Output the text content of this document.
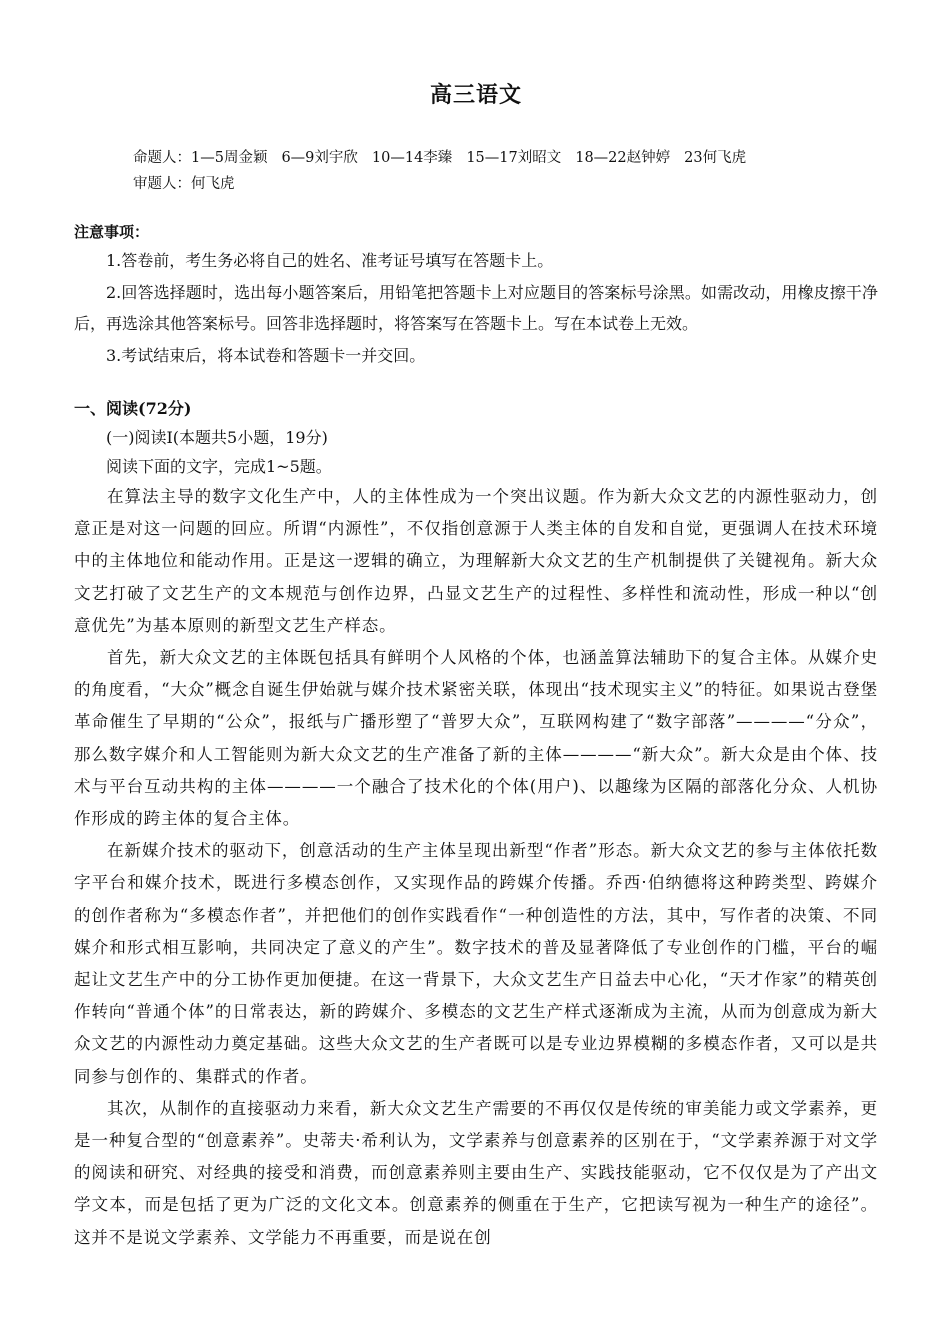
高三语文
命题人：1—5周金颖 6—9刘宇欣 10—14李臻 15—17刘昭文 18—22赵钟婷 23何飞虎
审题人：何飞虎
注意事项：

1.答卷前，考生务必将自己的姓名、准考证号填写在答题卡上。

2.回答选择题时，选出每小题答案后，用铅笔把答题卡上对应题目的答案标号涂黑。如需改动，用橡皮擦干净后，再选涂其他答案标号。回答非选择题时，将答案写在答题卡上。写在本试卷上无效。

3.考试结束后，将本试卷和答题卡一并交回。

一、阅读(72分)

(一)阅读Ⅰ(本题共5小题，19分)

阅读下面的文字，完成1~5题。

在算法主导的数字文化生产中，人的主体性成为一个突出议题。作为新大众文艺的内源性驱动力，创意正是对这一问题的回应。所谓“内源性”，不仅指创意源于人类主体的自发和自觉，更强调人在技术环境中的主体地位和能动作用。正是这一逻辑的确立，为理解新大众文艺的生产机制提供了关键视角。新大众文艺打破了文艺生产的文本规范与创作边界，凸显文艺生产的过程性、多样性和流动性，形成一种以“创意优先”为基本原则的新型文艺生产样态。

首先，新大众文艺的主体既包括具有鲜明个人风格的个体，也涵盖算法辅助下的复合主体。从媒介史的角度看，“大众”概念自诞生伊始就与媒介技术紧密关联，体现出“技术现实主义”的特征。如果说古登堡革命催生了早期的“公众”，报纸与广播形塑了“普罗大众”，互联网构建了“数字部落”————“分众”，那么数字媒介和人工智能则为新大众文艺的生产准备了新的主体————“新大众”。新大众是由个体、技术与平台互动共构的主体————一个融合了技术化的个体(用户)、以趣缘为区隔的部落化分众、人机协作形成的跨主体的复合主体。

在新媒介技术的驱动下，创意活动的生产主体呈现出新型“作者”形态。新大众文艺的参与主体依托数字平台和媒介技术，既进行多模态创作，又实现作品的跨媒介传播。乔西·伯纳德将这种跨类型、跨媒介的创作者称为“多模态作者”，并把他们的创作实践看作“一种创造性的方法，其中，写作者的决策、不同媒介和形式相互影响，共同决定了意义的产生”。数字技术的普及显著降低了专业创作的门槛，平台的崛起让文艺生产中的分工协作更加便捷。在这一背景下，大众文艺生产日益去中心化，“天才作家”的精英创作转向“普通个体”的日常表达，新的跨媒介、多模态的文艺生产样式逐渐成为主流，从而为创意成为新大众文艺的内源性动力奠定基础。这些大众文艺的生产者既可以是专业边界模糊的多模态作者，又可以是共同参与创作的、集群式的作者。

其次，从制作的直接驱动力来看，新大众文艺生产需要的不再仅仅是传统的审美能力或文学素养，更是一种复合型的“创意素养”。史蒂夫·希利认为，文学素养与创意素养的区别在于，“文学素养源于对文学的阅读和研究、对经典的接受和消费，而创意素养则主要由生产、实践技能驱动，它不仅仅是为了产出文学文本，而是包括了更为广泛的文化文本。创意素养的侧重在于生产，它把读写视为一种生产的途径”。这并不是说文学素养、文学能力不再重要，而是说在创
